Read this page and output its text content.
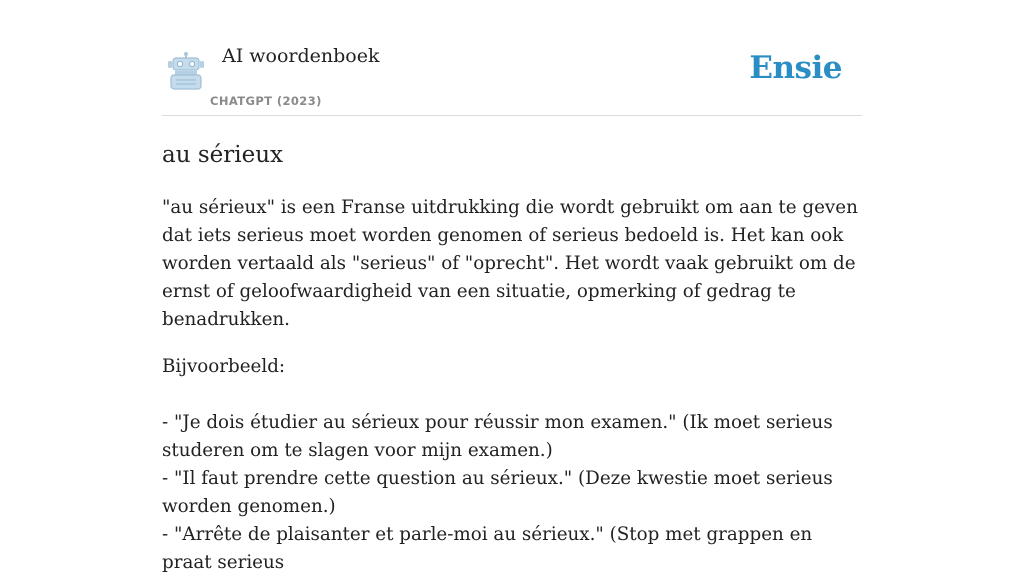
AI woordenboek
CHATGPT (2023)
Ensie
au sérieux
"au sérieux" is een Franse uitdrukking die wordt gebruikt om aan te geven dat iets serieus moet worden genomen of serieus bedoeld is. Het kan ook worden vertaald als "serieus" of "oprecht". Het wordt vaak gebruikt om de ernst of geloofwaardigheid van een situatie, opmerking of gedrag te benadrukken.
Bijvoorbeeld:

- "Je dois étudier au sérieux pour réussir mon examen." (Ik moet serieus studeren om te slagen voor mijn examen.)
- "Il faut prendre cette question au sérieux." (Deze kwestie moet serieus worden genomen.)
- "Arrête de plaisanter et parle-moi au sérieux." (Stop met grappen en praat serieus
